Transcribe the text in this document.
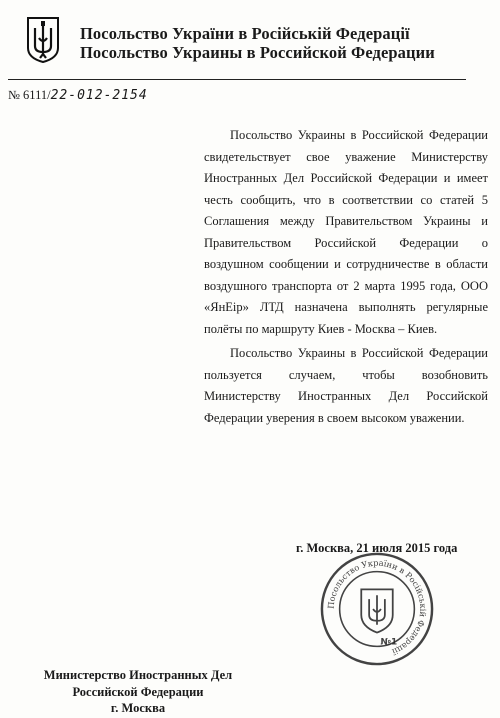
Посольство України в Російській Федерації
Посольство Украины в Российской Федерации
№ 6111/22-012-2154

Посольство Украины в Российской Федерации свидетельствует свое уважение Министерству Иностранных Дел Российской Федерации и имеет честь сообщить, что в соответствии со статей 5 Соглашения между Правительством Украины и Правительством Российской Федерации о воздушном сообщении и сотрудничестве в области воздушного транспорта от 2 марта 1995 года, ООО «ЯнЕір» ЛТД назначена выполнять регулярные полёты по маршруту Киев - Москва – Киев.

Посольство Украины в Российской Федерации пользуется случаем, чтобы возобновить Министерству Иностранных Дел Российской Федерации уверения в своем высоком уважении.

г. Москва, 21 июля 2015 года
Посольство України в Російській Федерації
№1
Министерство Иностранных Дел
Российской Федерации
г. Москва
